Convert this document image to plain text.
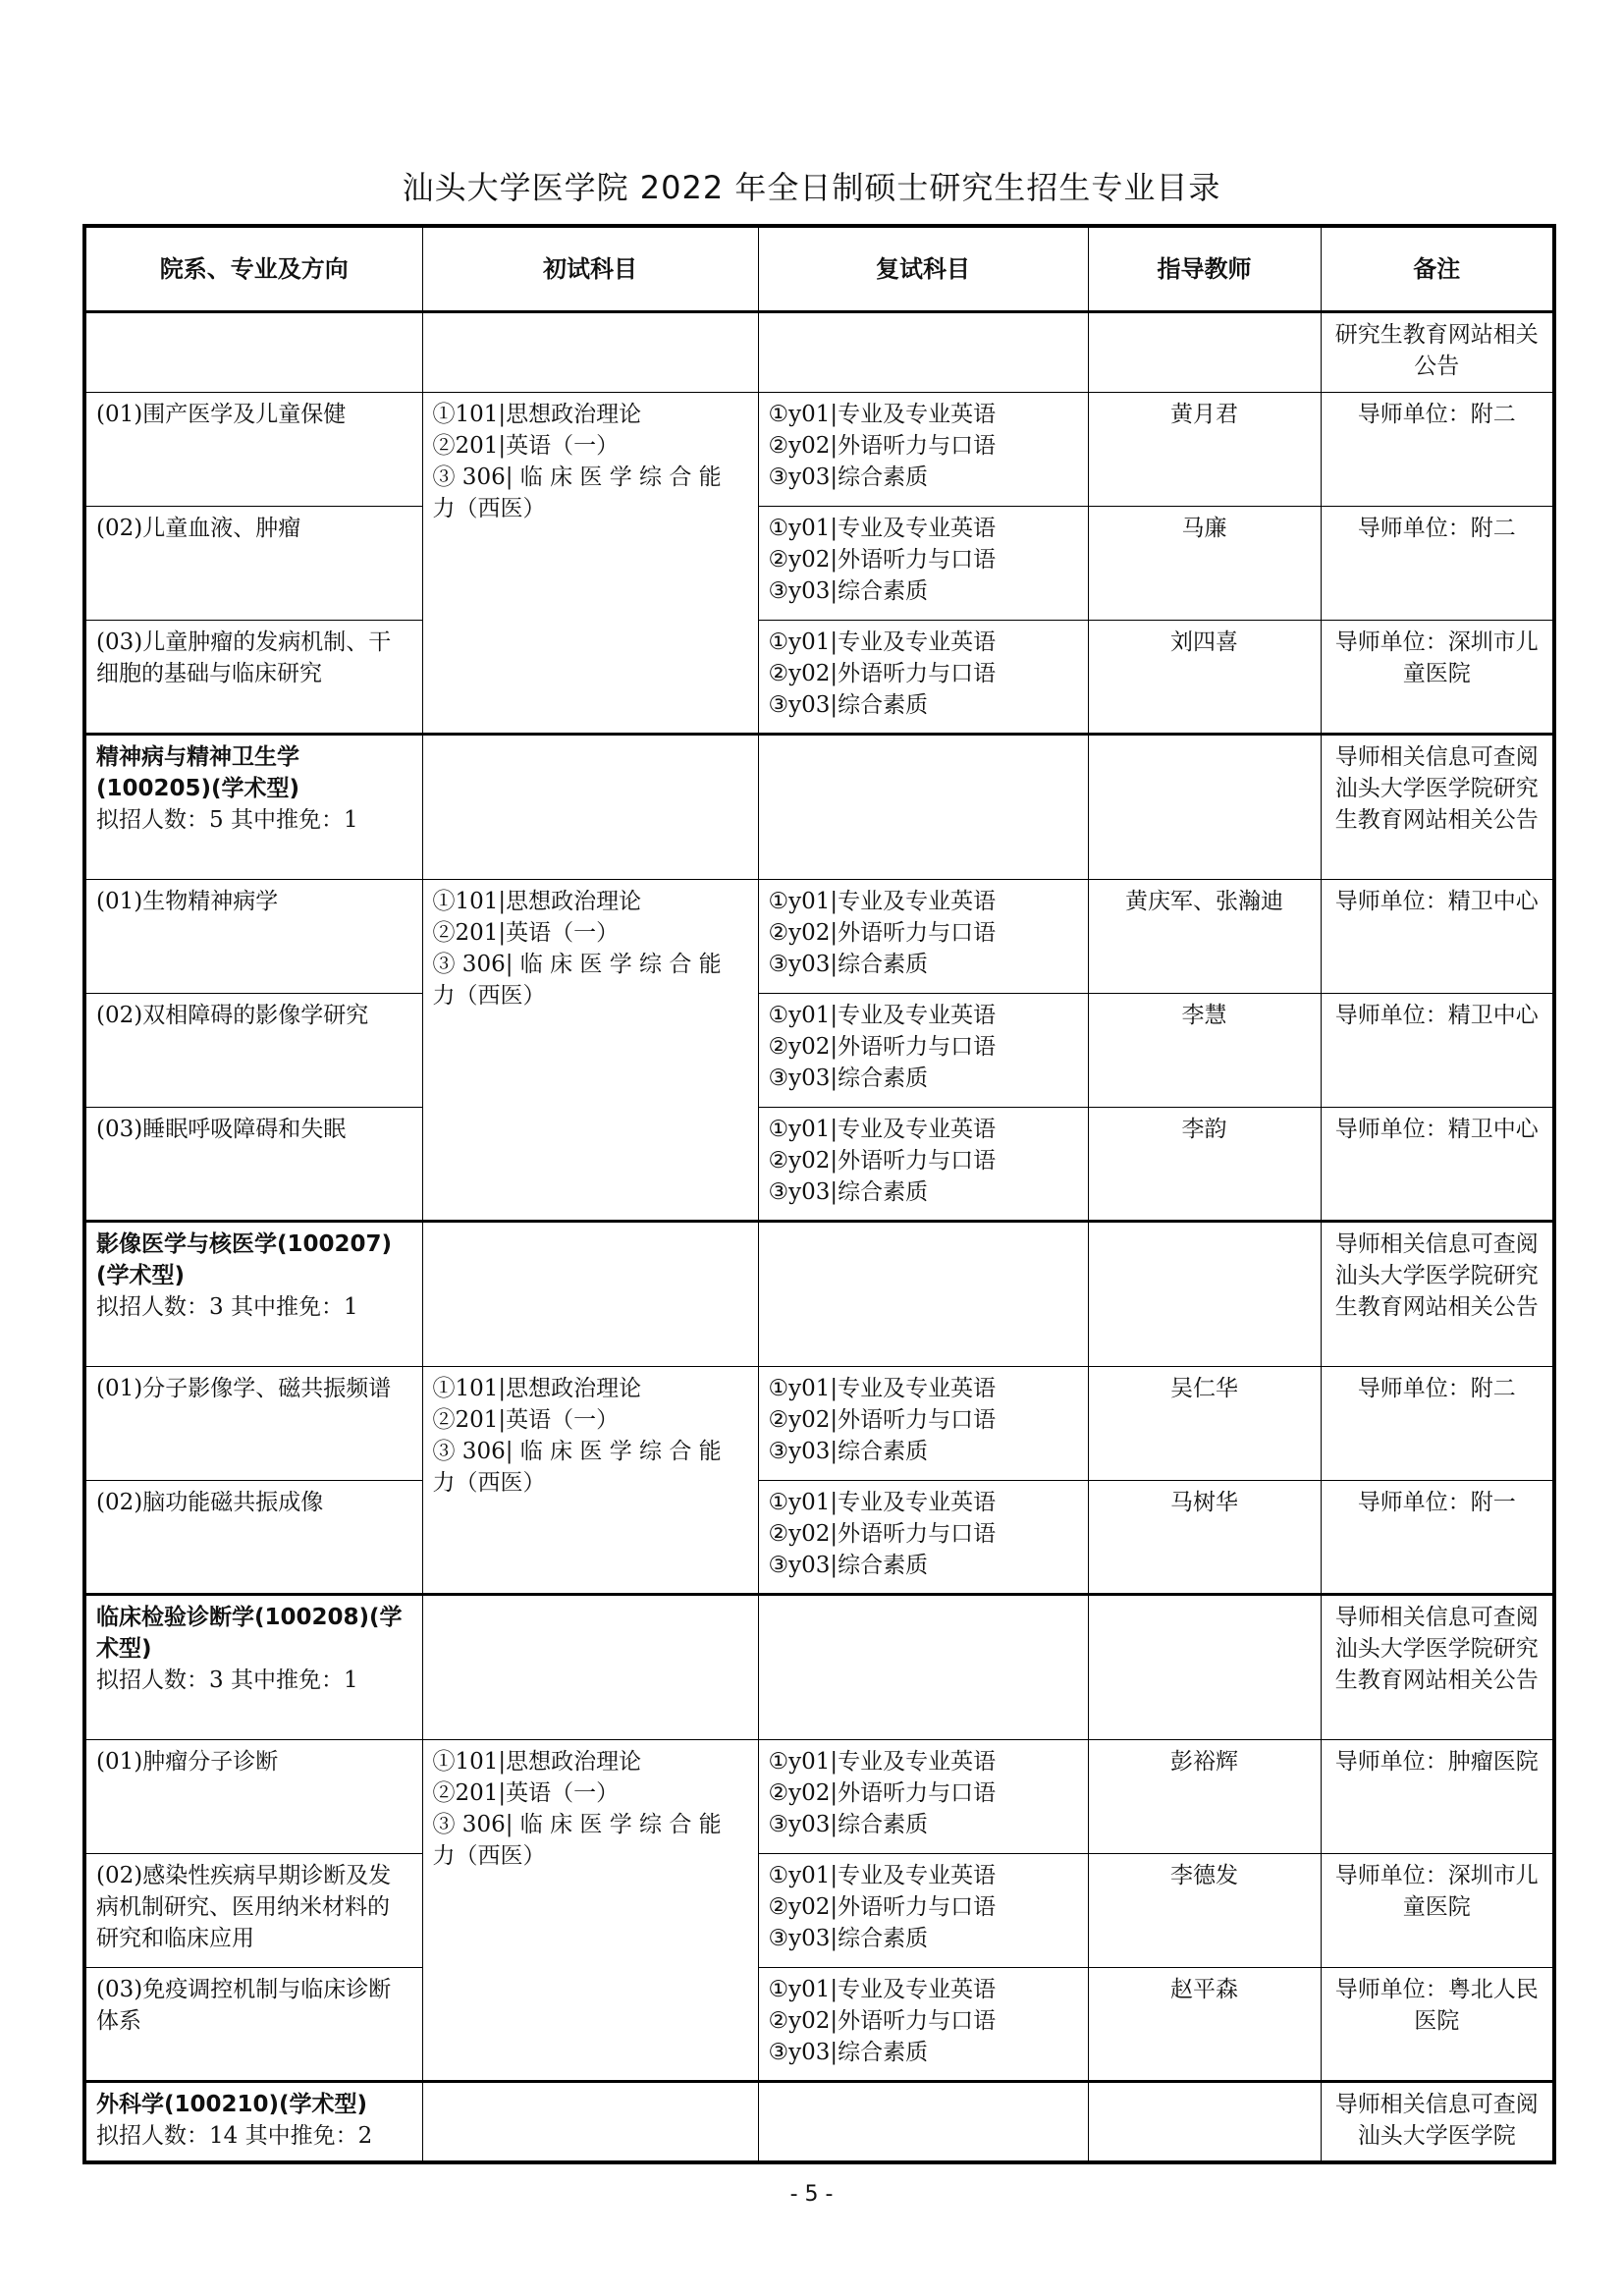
汕头大学医学院 2022 年全日制硕士研究生招生专业目录
院系、专业及方向	初试科目	复试科目	指导教师	备注
				研究生教育网站相关公告
(01)围产医学及儿童保健	①101|思想政治理论
②201|英语（一）
③ 306| 临 床 医 学 综 合 能 力（西医）	①y01|专业及专业英语
②y02|外语听力与口语
③y03|综合素质	黄月君	导师单位：附二
(02)儿童血液、肿瘤		①y01|专业及专业英语
②y02|外语听力与口语
③y03|综合素质	马廉	导师单位：附二
(03)儿童肿瘤的发病机制、干细胞的基础与临床研究		①y01|专业及专业英语
②y02|外语听力与口语
③y03|综合素质	刘四喜	导师单位：深圳市儿童医院

精神病与精神卫生学(100205)(学术型)
拟招人数：5 其中推免：1				导师相关信息可查阅汕头大学医学院研究生教育网站相关公告
(01)生物精神病学	①101|思想政治理论
②201|英语（一）
③ 306| 临 床 医 学 综 合 能 力（西医）	①y01|专业及专业英语
②y02|外语听力与口语
③y03|综合素质	黄庆军、张瀚迪	导师单位：精卫中心
(02)双相障碍的影像学研究		①y01|专业及专业英语
②y02|外语听力与口语
③y03|综合素质	李慧	导师单位：精卫中心
(03)睡眠呼吸障碍和失眠		①y01|专业及专业英语
②y02|外语听力与口语
③y03|综合素质	李韵	导师单位：精卫中心

影像医学与核医学(100207)(学术型)
拟招人数：3 其中推免：1				导师相关信息可查阅汕头大学医学院研究生教育网站相关公告
(01)分子影像学、磁共振频谱	①101|思想政治理论
②201|英语（一）
③ 306| 临 床 医 学 综 合 能 力（西医）	①y01|专业及专业英语
②y02|外语听力与口语
③y03|综合素质	吴仁华	导师单位：附二
(02)脑功能磁共振成像		①y01|专业及专业英语
②y02|外语听力与口语
③y03|综合素质	马树华	导师单位：附一

临床检验诊断学(100208)(学术型)
拟招人数：3 其中推免：1				导师相关信息可查阅汕头大学医学院研究生教育网站相关公告
(01)肿瘤分子诊断	①101|思想政治理论
②201|英语（一）
③ 306| 临 床 医 学 综 合 能 力（西医）	①y01|专业及专业英语
②y02|外语听力与口语
③y03|综合素质	彭裕辉	导师单位：肿瘤医院
(02)感染性疾病早期诊断及发病机制研究、医用纳米材料的研究和临床应用		①y01|专业及专业英语
②y02|外语听力与口语
③y03|综合素质	李德发	导师单位：深圳市儿童医院
(03)免疫调控机制与临床诊断体系		①y01|专业及专业英语
②y02|外语听力与口语
③y03|综合素质	赵平森	导师单位：粤北人民医院

外科学(100210)(学术型)
拟招人数：14 其中推免：2				导师相关信息可查阅汕头大学医学院
- 5 -
